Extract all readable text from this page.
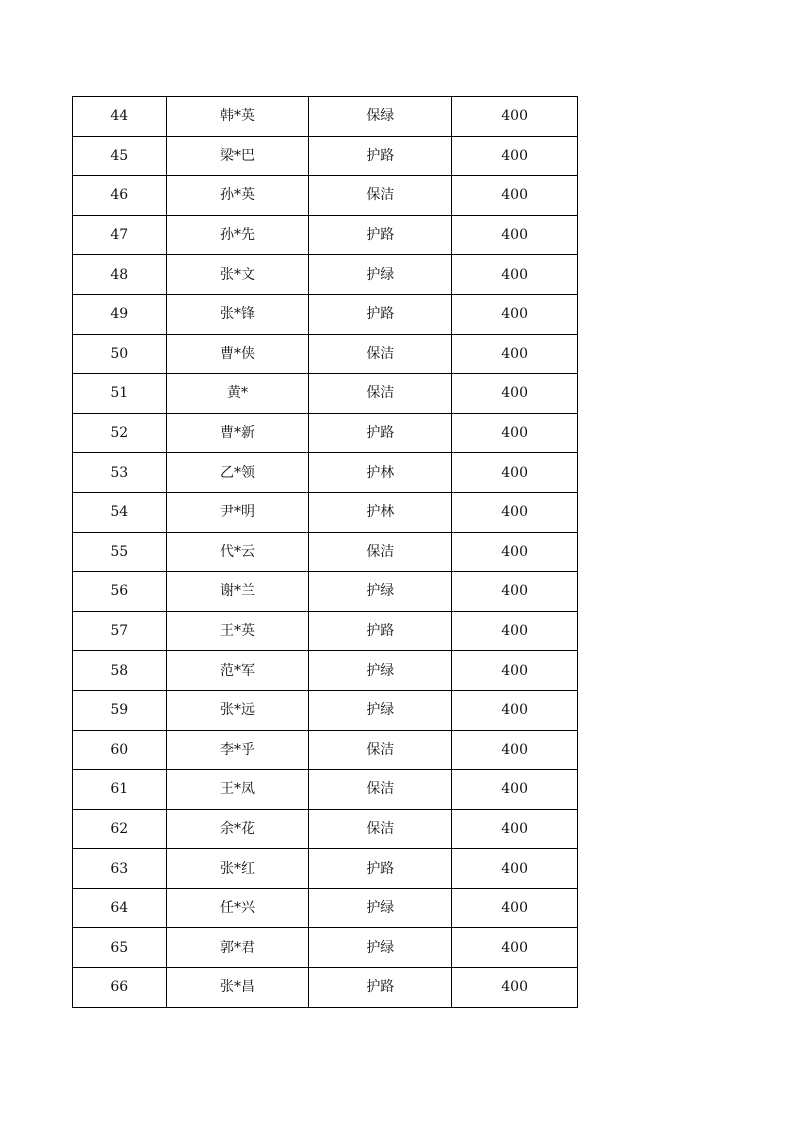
44	韩*英	保绿	400
45	梁*巴	护路	400
46	孙*英	保洁	400
47	孙*先	护路	400
48	张*文	护绿	400
49	张*锋	护路	400
50	曹*侠	保洁	400
51	黄*	保洁	400
52	曹*新	护路	400
53	乙*领	护林	400
54	尹*明	护林	400
55	代*云	保洁	400
56	谢*兰	护绿	400
57	王*英	护路	400
58	范*军	护绿	400
59	张*远	护绿	400
60	李*乎	保洁	400
61	王*凤	保洁	400
62	余*花	保洁	400
63	张*红	护路	400
64	任*兴	护绿	400
65	郭*君	护绿	400
66	张*昌	护路	400
